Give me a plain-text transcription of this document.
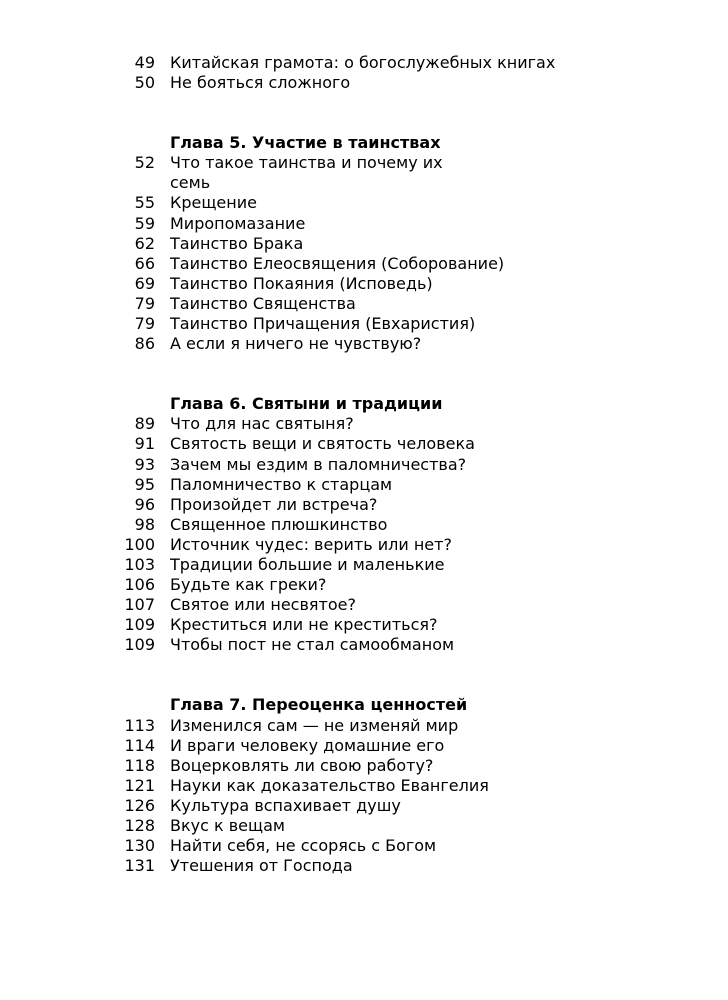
49 Китайская грамота: о богослужебных книгах
50 Не бояться сложного
Глава 5. Участие в таинствах
52 Что такое таинства и почему их семь
55 Крещение
59 Миропомазание
62 Таинство Брака
66 Таинство Елеосвящения (Соборование)
69 Таинство Покаяния (Исповедь)
79 Таинство Священства
79 Таинство Причащения (Евхаристия)
86 А если я ничего не чувствую?
Глава 6. Святыни и традиции
89 Что для нас святыня?
91 Святость вещи и святость человека
93 Зачем мы ездим в паломничества?
95 Паломничество к старцам
96 Произойдет ли встреча?
98 Священное плюшкинство
100 Источник чудес: верить или нет?
103 Традиции большие и маленькие
106 Будьте как греки?
107 Святое или несвятое?
109 Креститься или не креститься?
109 Чтобы пост не стал самообманом
Глава 7. Переоценка ценностей
113 Изменился сам — не изменяй мир
114 И враги человеку домашние его
118 Воцерковлять ли свою работу?
121 Науки как доказательство Евангелия
126 Культура вспахивает душу
128 Вкус к вещам
130 Найти себя, не ссорясь с Богом
131 Утешения от Господа
